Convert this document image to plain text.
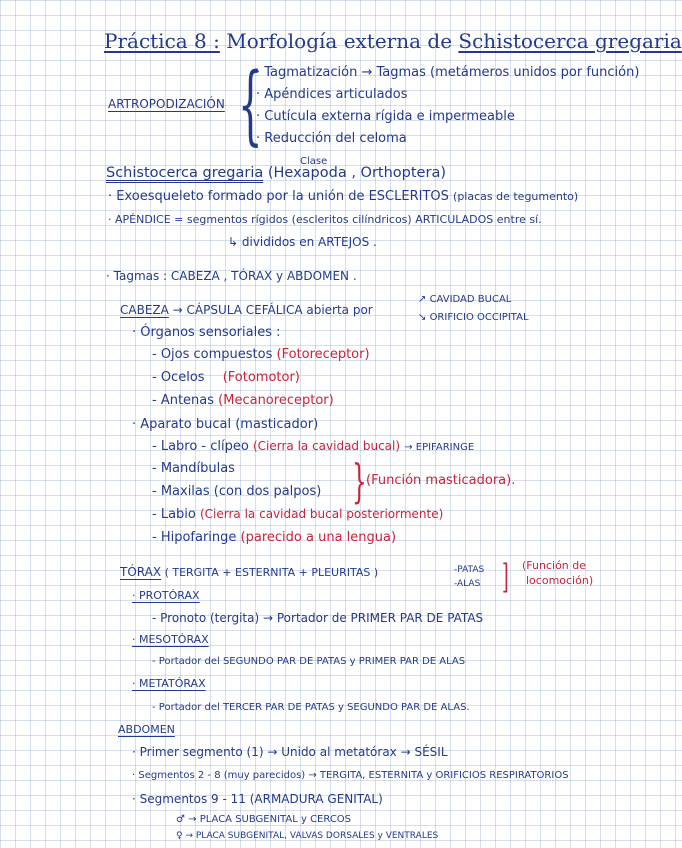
Práctica 8 : Morfología externa de Schistocerca gregaria
ARTROPODIZACIÓN {
· Tagmatización → Tagmas (metámeros unidos por función)
· Apéndices articulados
· Cutícula externa rígida e impermeable
· Reducción del celoma
Clase
Schistocerca gregaria (Hexapoda , Orthoptera)
· Exoesqueleto formado por la unión de ESCLERITOS (placas de tegumento)
· APÉNDICE = segmentos rígidos (escleritos cilíndricos) ARTICULADOS entre sí.
↳ divididos en ARTEJOS .
· Tagmas : CABEZA , TÓRAX y ABDOMEN .
CABEZA → CÁPSULA CEFÁLICA abierta por
↗ CAVIDAD BUCAL
↘ ORIFICIO OCCIPITAL
· Órganos sensoriales :
- Ojos compuestos (Fotoreceptor)
- Ocelos (Fotomotor)
- Antenas (Mecanoreceptor)
· Aparato bucal (masticador)
- Labro - clípeo (Cierra la cavidad bucal) → EPIFARINGE
- Mandíbulas
- Maxilas (con dos palpos) } (Función masticadora).
- Labio (Cierra la cavidad bucal posteriormente)
- Hipofaringe (parecido a una lengua)
TÓRAX ( TERGITA + ESTERNITA + PLEURITAS )	-PATAS
-ALAS ] (Función de
locomoción)
· PROTÓRAX
- Pronoto (tergita) → Portador de PRIMER PAR DE PATAS
· MESOTÓRAX
- Portador del SEGUNDO PAR DE PATAS y PRIMER PAR DE ALAS
· METATÓRAX
- Portador del TERCER PAR DE PATAS y SEGUNDO PAR DE ALAS.
ABDOMEN
· Primer segmento (1) → Unido al metatórax → SÉSIL
· Segmentos 2 - 8 (muy parecidos) → TERGITA, ESTERNITA y ORIFICIOS RESPIRATORIOS
· Segmentos 9 - 11 (ARMADURA GENITAL)
♂ → PLACA SUBGENITAL y CERCOS
♀ → PLACA SUBGENITAL, VALVAS DORSALES y VENTRALES
